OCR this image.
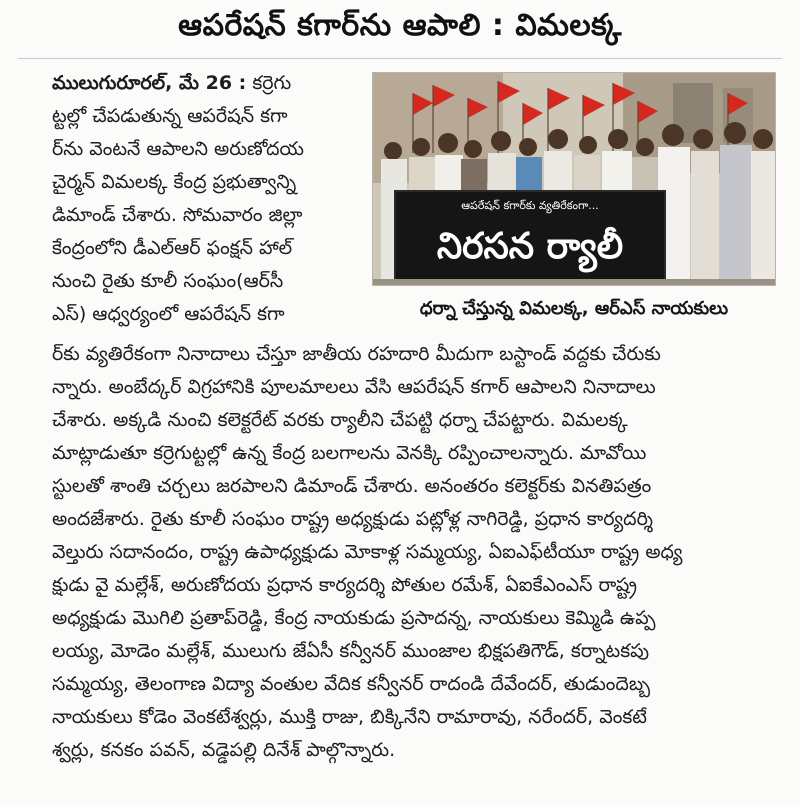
ఆపరేషన్ కగార్‌ను ఆపాలి : విమలక్క
ములుగురూరల్, మే 26 : కర్రెగు
ట్టల్లో చేపడుతున్న ఆపరేషన్ కగా
ర్‌ను వెంటనే ఆపాలని అరుణోదయ
చైర్మన్ విమలక్క కేంద్ర ప్రభుత్వాన్ని
డిమాండ్ చేశారు. సోమవారం జిల్లా
కేంద్రంలోని డీఎల్‌ఆర్ ఫంక్షన్ హాల్
నుంచి రైతు కూలీ సంఘం(ఆర్‌సీ
ఎస్) ఆధ్వర్యంలో ఆపరేషన్ కగా
ఆపరేషన్ కగార్‌కు వ్యతిరేకంగా...
నిరసన ర్యాలీ
ధర్నా చేస్తున్న విమలక్క, ఆర్‌ఎస్ నాయకులు
ర్‌కు వ్యతిరేకంగా నినాదాలు చేస్తూ జాతీయ రహదారి మీదుగా బస్టాండ్ వద్దకు చేరుకు
న్నారు. అంబేద్కర్ విగ్రహానికి పూలమాలలు వేసి ఆపరేషన్ కగార్ ఆపాలని నినాదాలు
చేశారు. అక్కడి నుంచి కలెక్టరేట్ వరకు ర్యాలీని చేపట్టి ధర్నా చేపట్టారు. విమలక్క
మాట్లాడుతూ కర్రెగుట్టల్లో ఉన్న కేంద్ర బలగాలను వెనక్కి రప్పించాలన్నారు. మావోయి
స్టులతో శాంతి చర్చలు జరపాలని డిమాండ్ చేశారు. అనంతరం కలెక్టర్‌కు వినతిపత్రం
అందజేశారు. రైతు కూలీ సంఘం రాష్ట్ర అధ్యక్షుడు పట్లోళ్ల నాగిరెడ్డి, ప్రధాన కార్యదర్శి
వెల్తురు సదానందం, రాష్ట్ర ఉపాధ్యక్షుడు మోకాళ్ల సమ్మయ్య, ఏఐఎఫ్‌టీయూ రాష్ట్ర అధ్య
క్షుడు వై మల్లేశ్, అరుణోదయ ప్రధాన కార్యదర్శి పోతుల రమేశ్, ఏఐకేఎంఎస్ రాష్ట్ర
అధ్యక్షుడు మొగిలి ప్రతాప్‌రెడ్డి, కేంద్ర నాయకుడు ప్రసాదన్న, నాయకులు కెమ్మిడి ఉప్ప
లయ్య, మోడెం మల్లేశ్, ములుగు జేఏసీ కన్వీనర్ ముంజాల భిక్షపతిగౌడ్, కర్నాటకపు
సమ్మయ్య, తెలంగాణ విద్యా వంతుల వేదిక కన్వీనర్ రాదండి దేవేందర్, తుడుందెబ్బ
నాయకులు కోడెం వెంకటేశ్వర్లు, ముక్తి రాజు, బిక్కినేని రామారావు, నరేందర్, వెంకటే
శ్వర్లు, కనకం పవన్, వడ్డెపల్లి దినేశ్ పాల్గొన్నారు.
